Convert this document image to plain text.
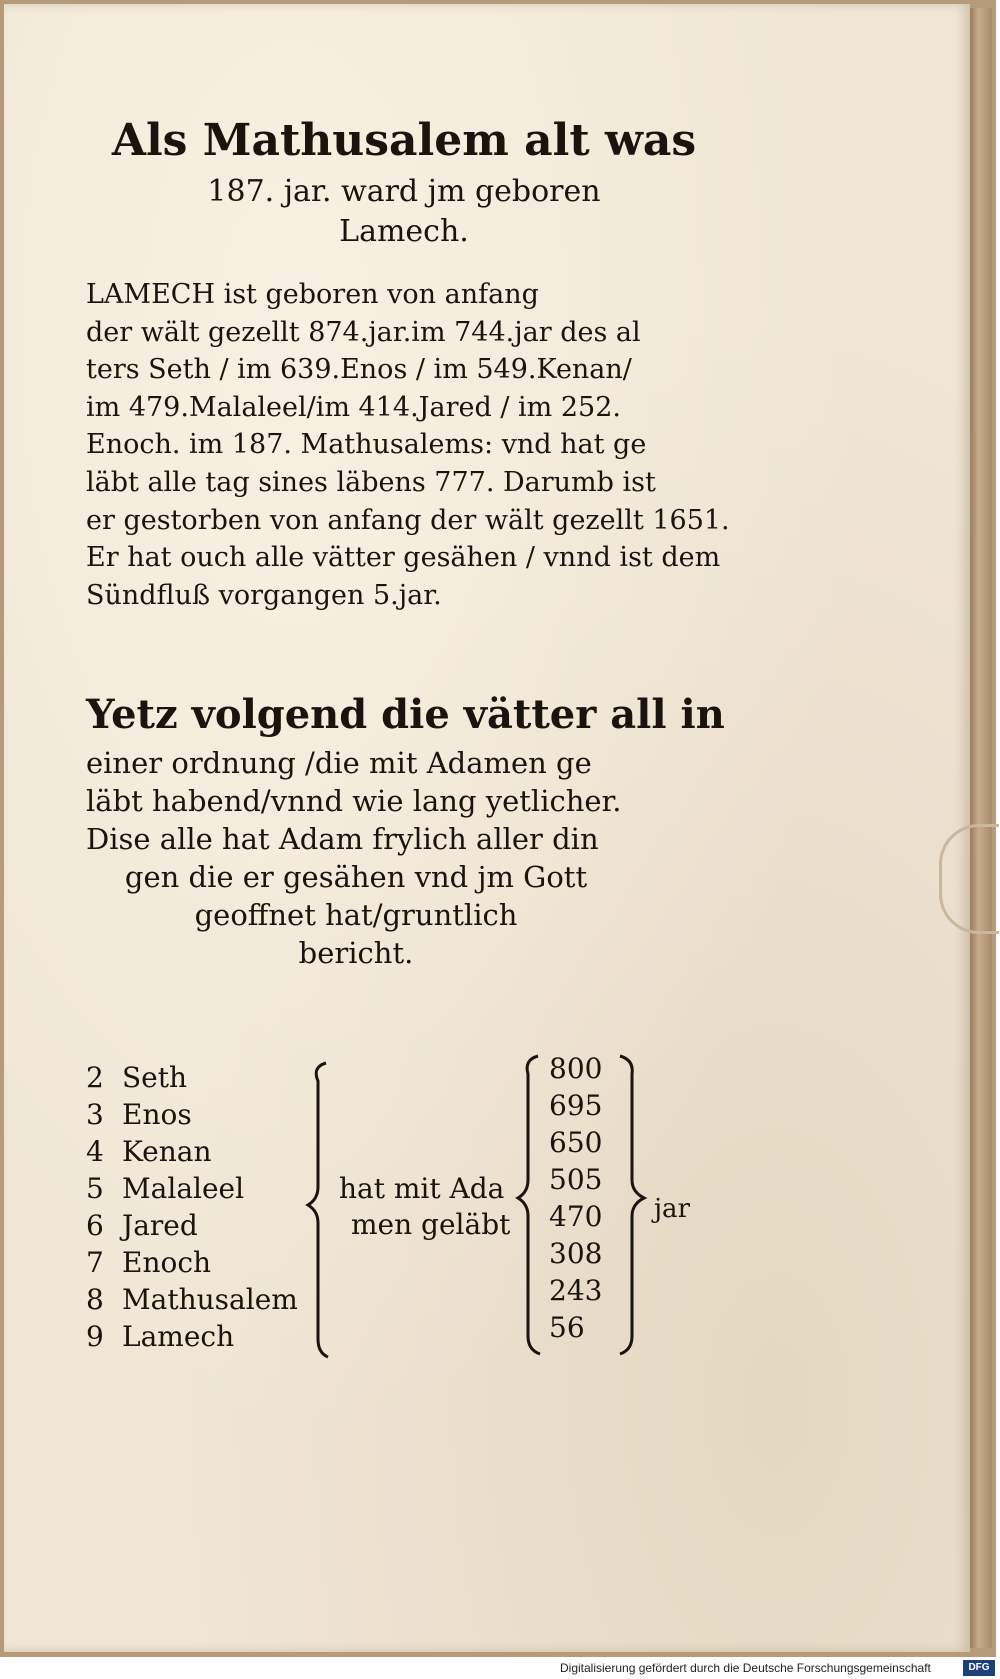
Als Mathusalem alt was
187. jar. ward jm geboren
Lamech.

LAMECH ist geboren von anfang
der wält gezellt 874.jar.im 744.jar des al
ters Seth / im 639.Enos / im 549.Kenan/
im 479.Malaleel/im 414.Jared / im 252.
Enoch. im 187. Mathusalems: vnd hat ge
läbt alle tag sines läbens 777. Darumb ist
er gestorben von anfang der wält gezellt 1651.
Er hat ouch alle vätter gesähen / vnnd ist dem
Sündfluß vorgangen 5.jar.

Yetz volgend die vätter all in

einer ordnung /die mit Adamen ge
läbt habend/vnnd wie lang yetlicher.
Dise alle hat Adam frylich aller din
gen die er gesähen vnd jm Gott
geoffnet hat/gruntlich
bericht.

2 Seth
3 Enos
4 Kenan
5 Malaleel
6 Jared
7 Enoch
8 Mathusalem
9 Lamech
hat mit Ada
men geläbt
800
695
650
505
470
308
243
56
jar
Digitalisierung gefördert durch die Deutsche Forschungsgemeinschaft	DFG
